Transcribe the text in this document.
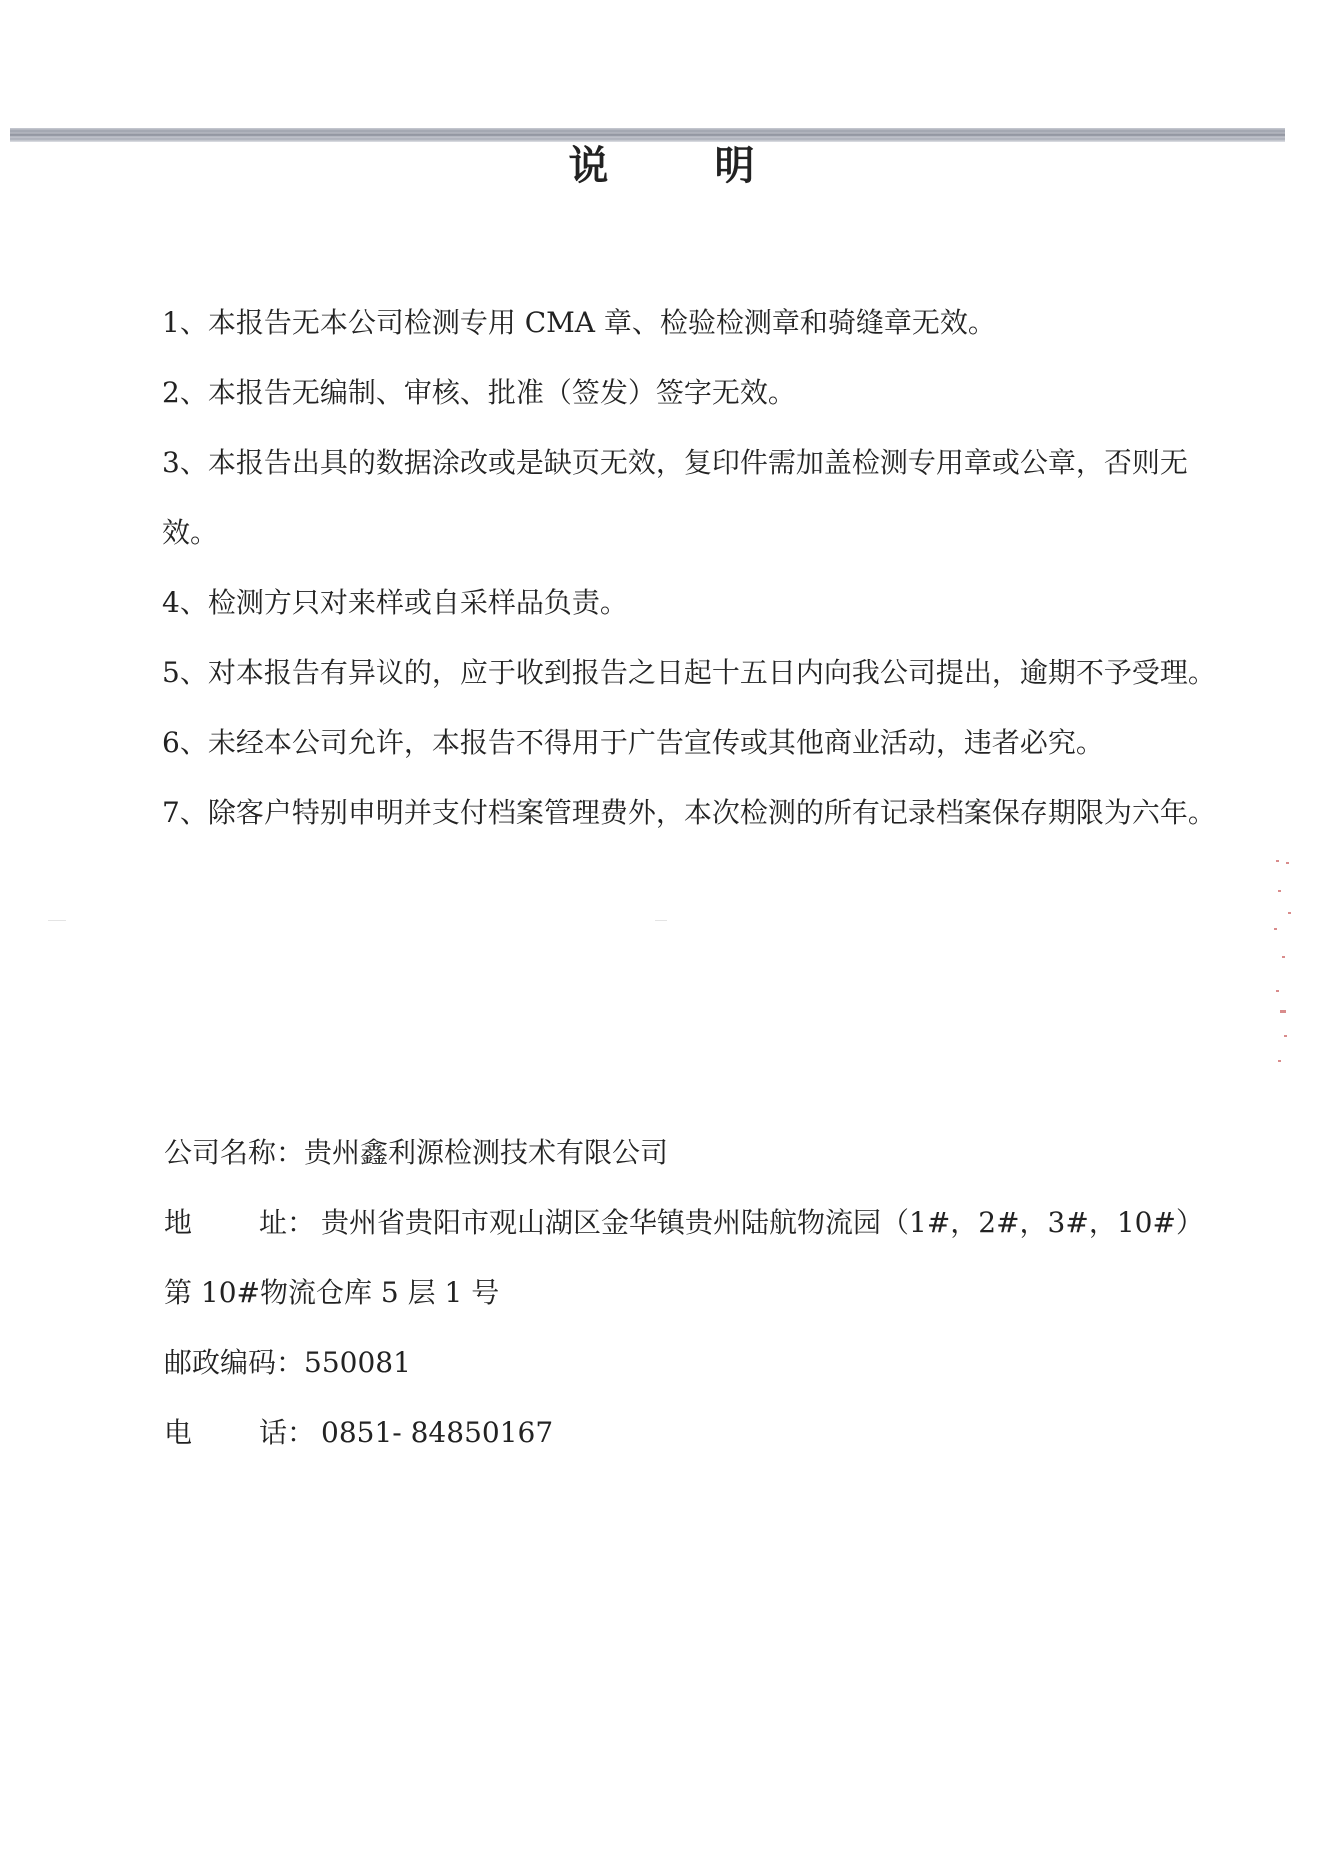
说 明
1、本报告无本公司检测专用 CMA 章、检验检测章和骑缝章无效。
2、本报告无编制、审核、批准（签发）签字无效。
3、本报告出具的数据涂改或是缺页无效，复印件需加盖检测专用章或公章，否则无效。
4、检测方只对来样或自采样品负责。
5、对本报告有异议的，应于收到报告之日起十五日内向我公司提出，逾期不予受理。
6、未经本公司允许，本报告不得用于广告宣传或其他商业活动，违者必究。
7、除客户特别申明并支付档案管理费外，本次检测的所有记录档案保存期限为六年。
公司名称：贵州鑫利源检测技术有限公司
地 址： 贵州省贵阳市观山湖区金华镇贵州陆航物流园（1#，2#，3#，10#）
第 10#物流仓库 5 层 1 号
邮政编码：550081
电 话： 0851- 84850167
